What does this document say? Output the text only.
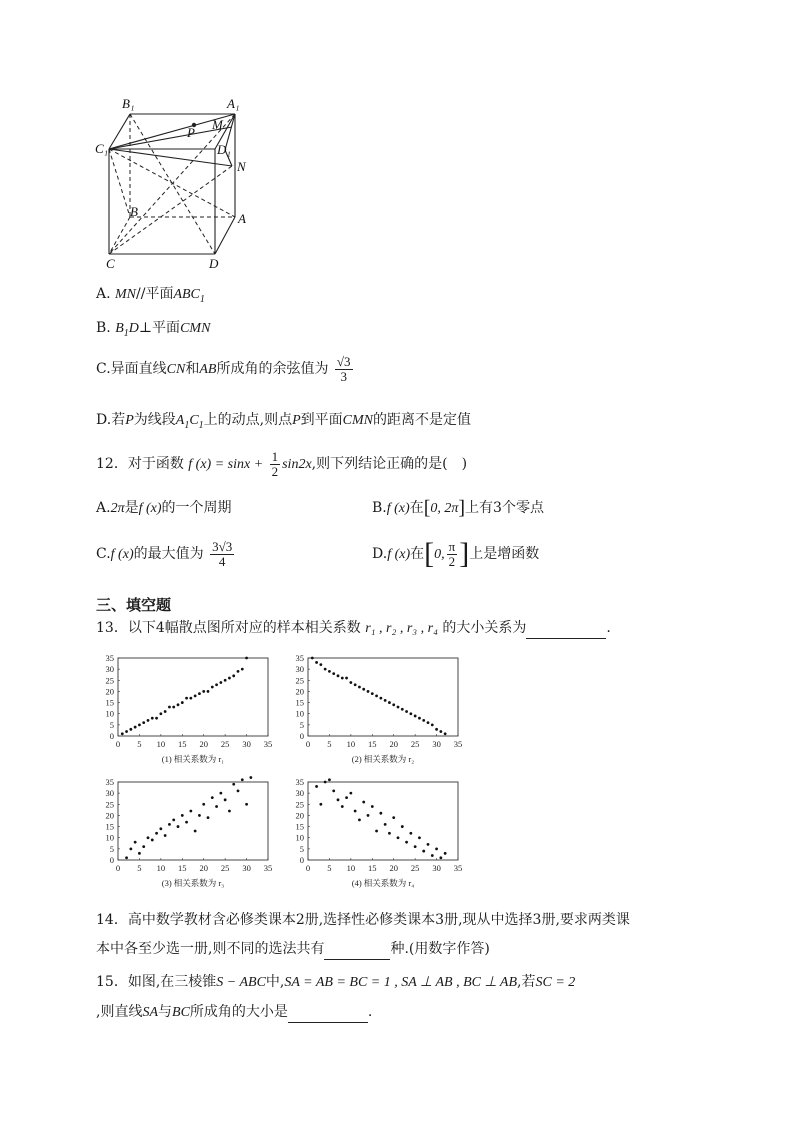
B₁	A₁
C₁
P
M
D₁
N
B	A
C	D
A. MN//平面$ABC_1$
B. $B_1D\perp$平面CMN
C.异面直线CN和AB所成角的余弦值为 $\frac{√3}{3}$
D.若P为线段$A_1C_1$上的动点,则点P到平面CMN的距离不是定值
12．对于函数 f $(x) = \sin x + \frac{1}{2} \sin 2x$,则下列结论正确的是(　)
A.2π是f (x)的一个周期	B.f (x)在[0, 2π]上有3个零点
C.f (x)的最大值为 $\frac{3√3}{4}$	D.f (x)在[0, $\frac{\pi}{2}$ ]上是增函数
三、填空题
13．以下4幅散点图所对应的样本相关系数 r₁ , r₂ , r₃ , r₄ 的大小关系为	.
0
5
10
15
20
25
30
35
0 5 10 15 20 25 30 35
(1) 相关系数为 r₁
0
5
10
15
20
25
30
35
0 5 10 15 20 25 30 35
(2) 相关系数为 r₂
0
5
10
15
20
25
30
35
0 5 10 15 20 25 30 35
(3) 相关系数为 r₃
0
5
10
15
20
25
30
35
0 5 10 15 20 25 30 35
(4) 相关系数为 r₄
14．高中数学教材含必修类课本2册,选择性必修类课本3册,现从中选择3册,要求两类课
本中各至少选一册,则不同的选法共有	种.(用数字作答)
15．如图,在三棱锥S − ABC中,SA = AB = BC = 1 , SA ⊥ AB , BC ⊥ AB,若SC = 2
,则直线SA与BC所成角的大小是	.
